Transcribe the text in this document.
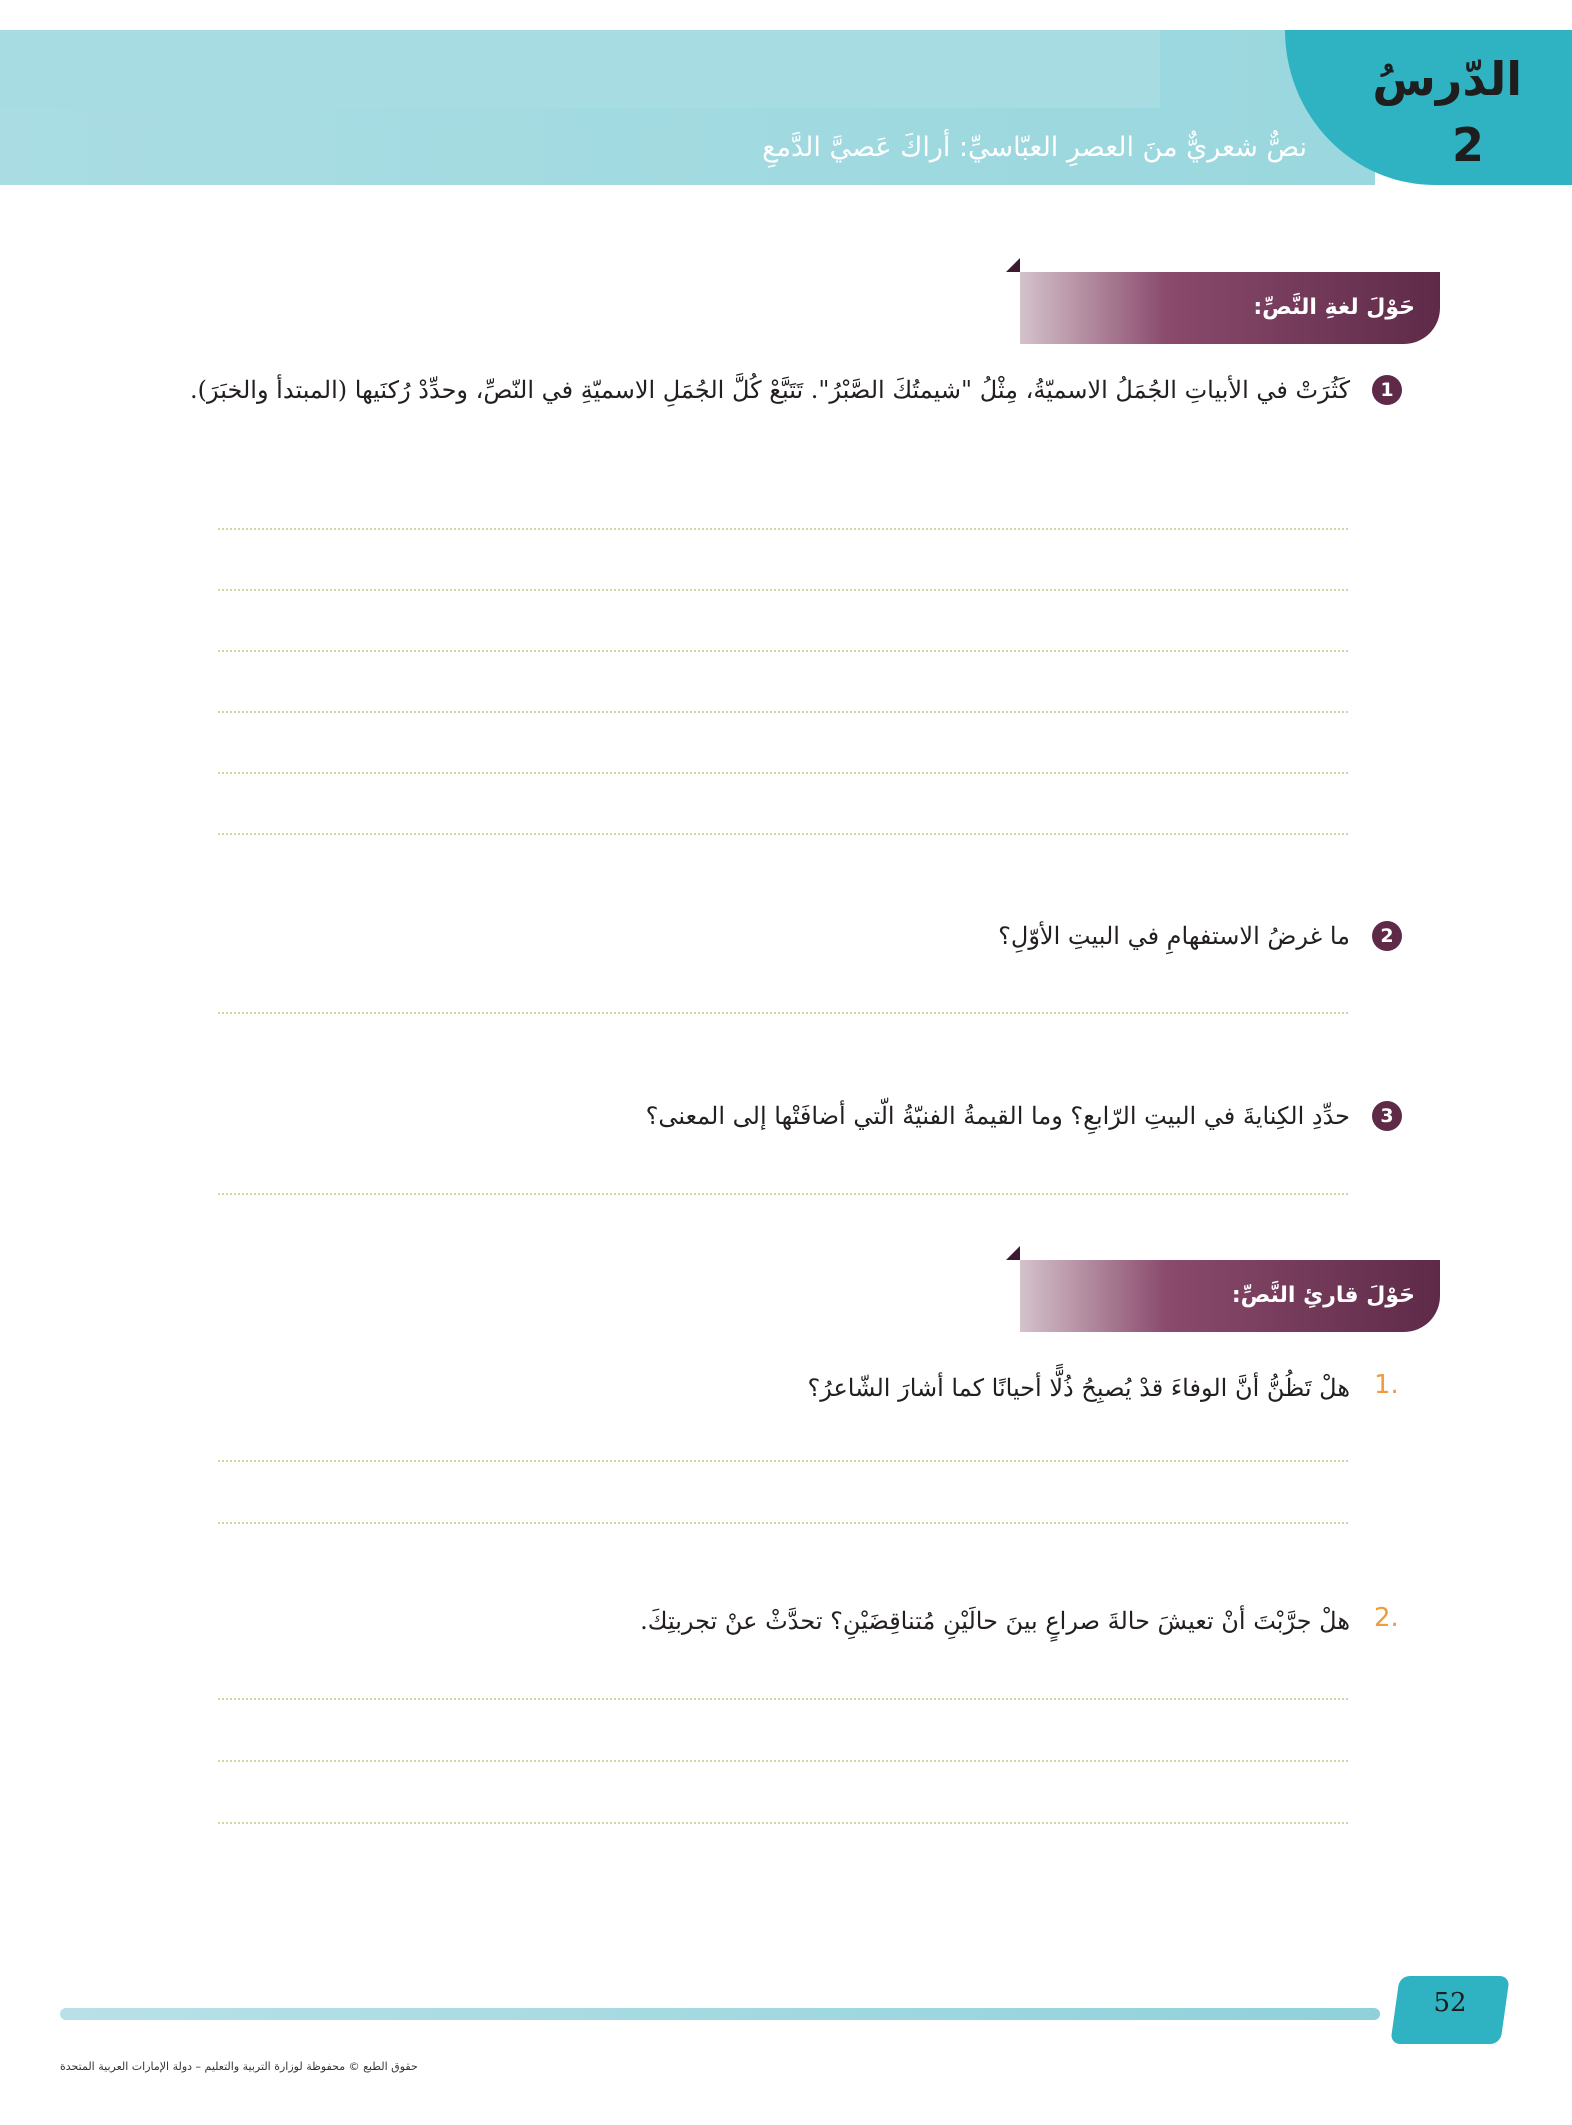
الدّرسُ
2
نصٌّ شعريٌّ منَ العصرِ العبّاسيِّ: أراكَ عَصيَّ الدَّمعِ
حَوْلَ لغةِ النَّصِّ:
1
كَثُرَتْ في الأبياتِ الجُمَلُ الاسميّةُ، مِثْلُ "شيمتُكَ الصَّبْرُ". تَتَبَّعْ كُلَّ الجُمَلِ الاسميّةِ في النّصِّ، وحدِّدْ رُكنَيها (المبتدأ والخبَرَ).
2
ما غرضُ الاستفهامِ في البيتِ الأوّلِ؟
3
حدِّدِ الكِنايةَ في البيتِ الرّابعِ؟ وما القيمةُ الفنيّةُ الّتي أضافَتْها إلى المعنى؟
حَوْلَ قارئِ النَّصِّ:
1.
هلْ تَظُنُّ أنَّ الوفاءَ قدْ يُصبِحُ ذُلًّا أحيانًا كما أشارَ الشّاعرُ؟
2.
هلْ جرَّبْتَ أنْ تعيشَ حالةَ صراعٍ بينَ حالَيْنِ مُتناقِضَيْنِ؟ تحدَّثْ عنْ تجربتِكَ.
52
حقوق الطبع © محفوظة لوزارة التربية والتعليم – دولة الإمارات العربية المتحدة
